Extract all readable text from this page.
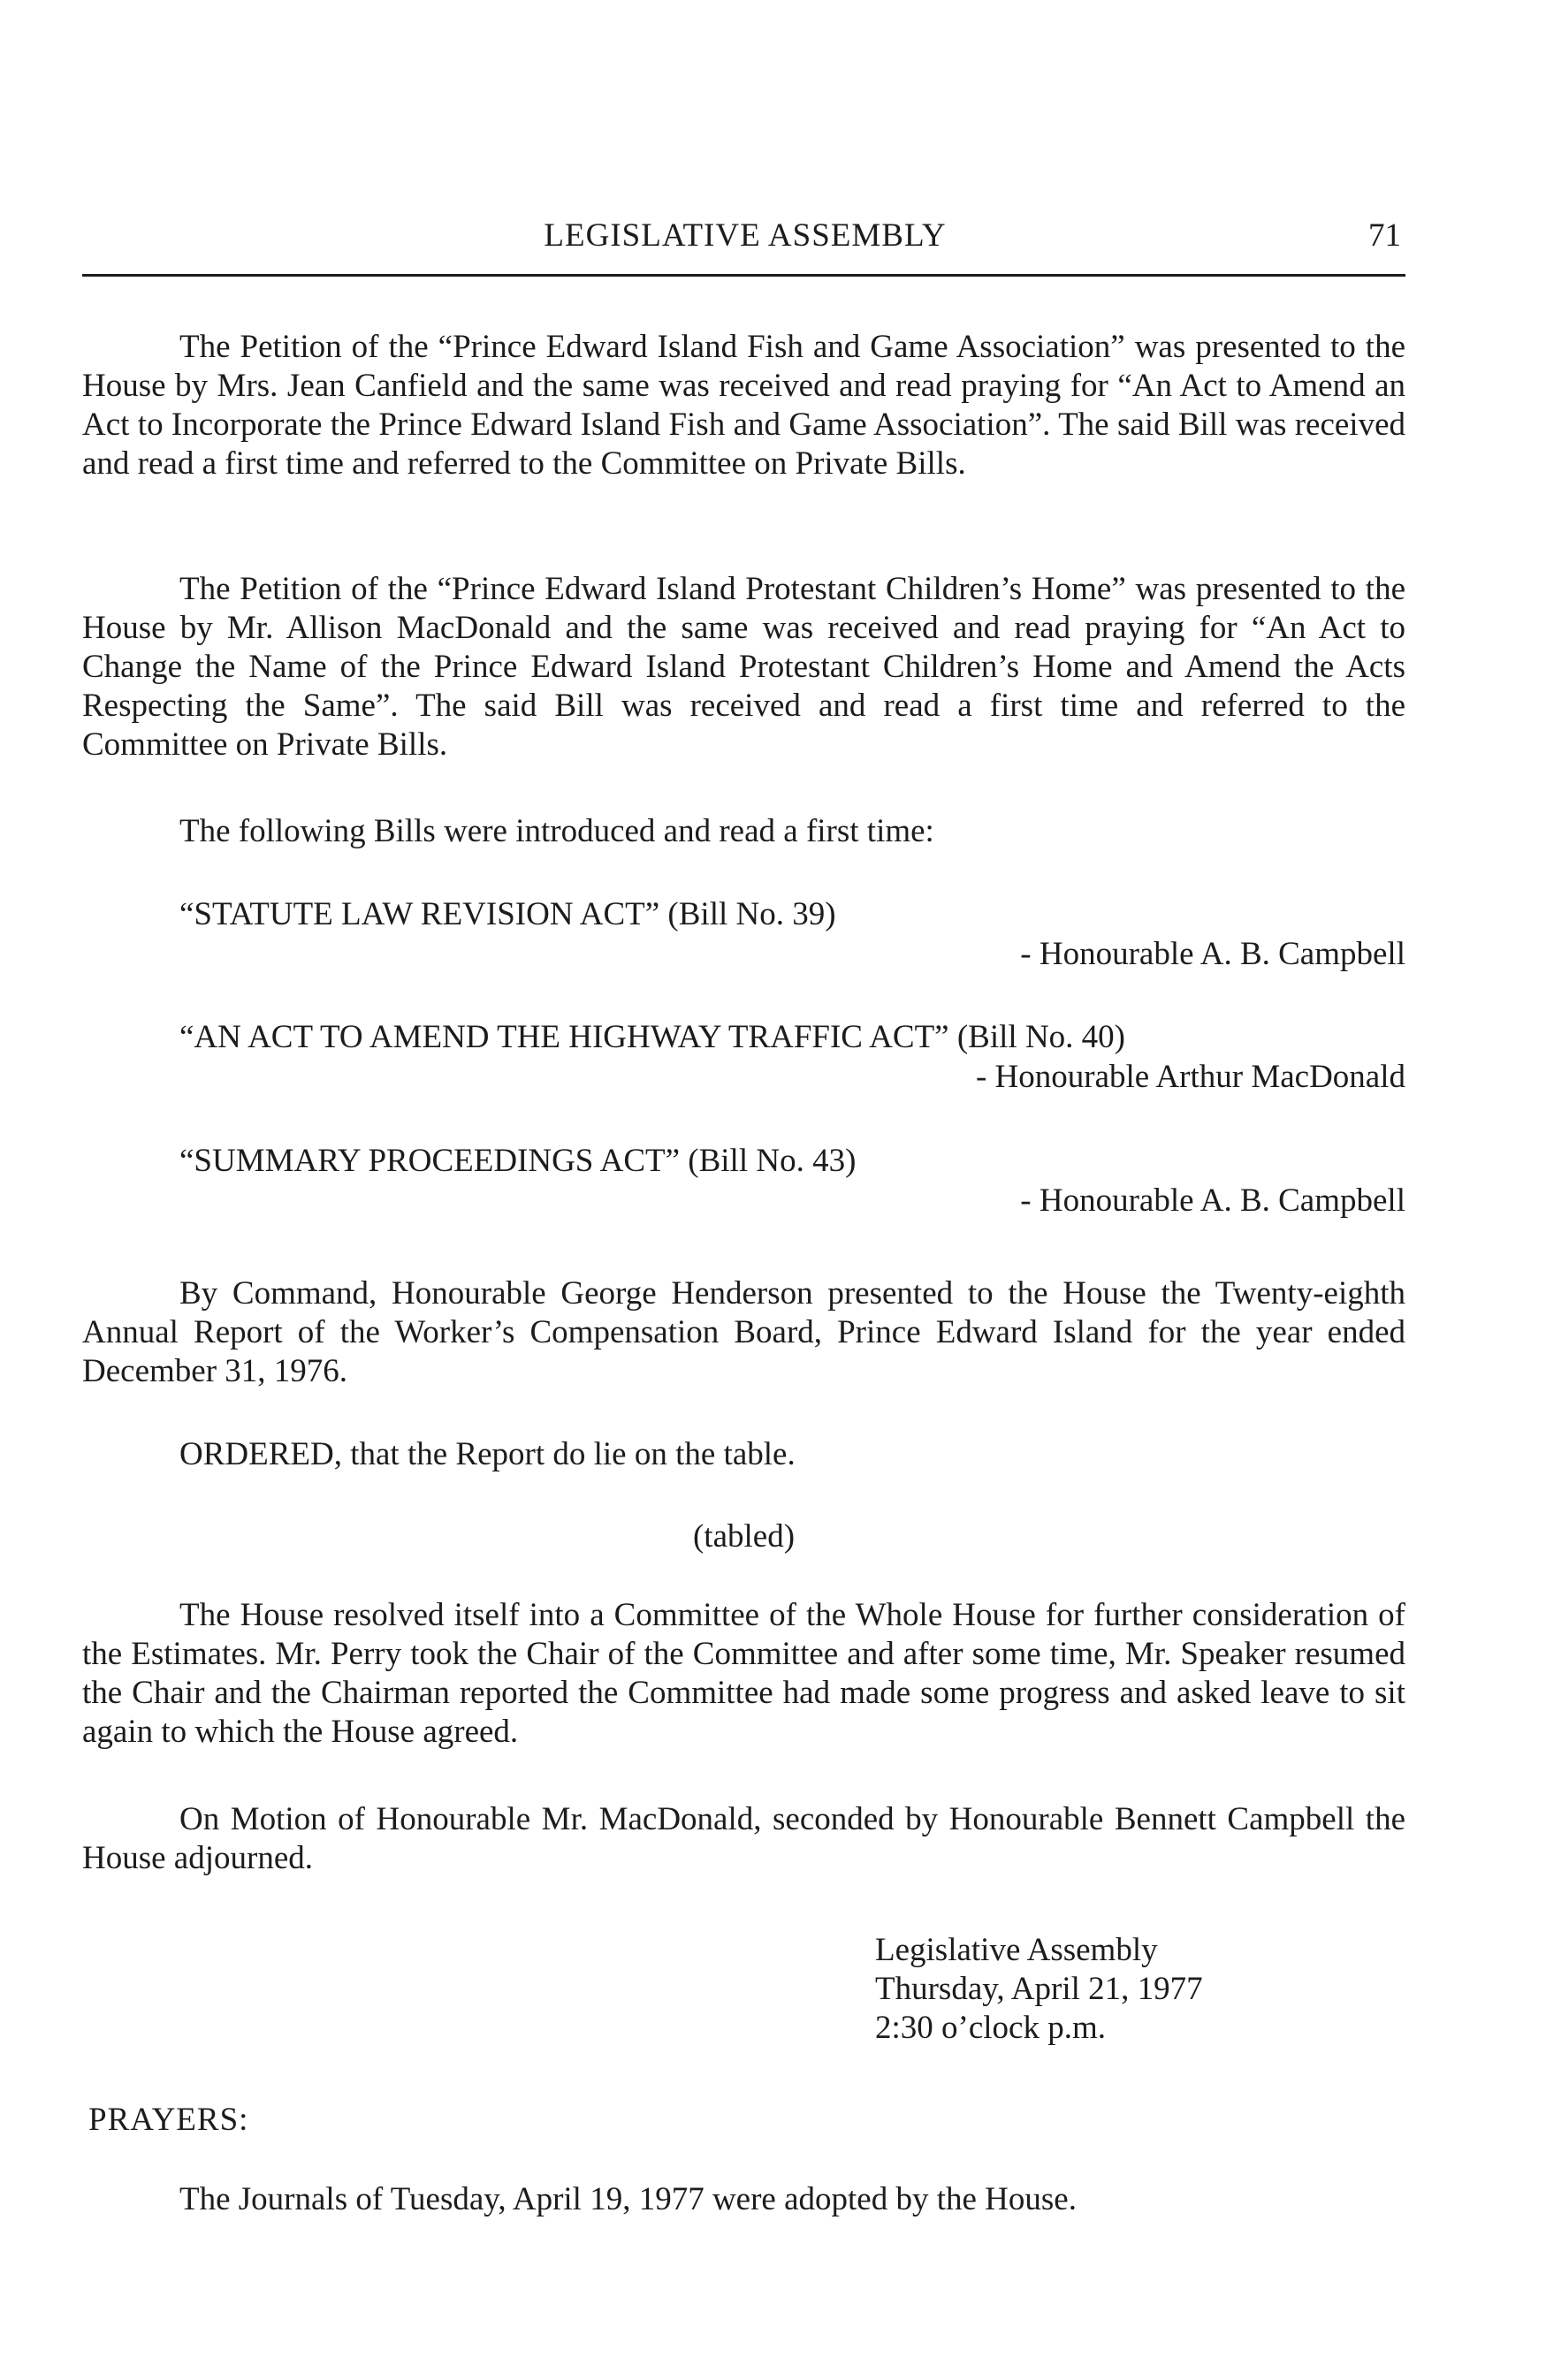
LEGISLATIVE ASSEMBLY	71

The Petition of the “Prince Edward Island Fish and Game Association” was presented to the House by Mrs. Jean Canfield and the same was received and read praying for “An Act to Amend an Act to Incorporate the Prince Edward Island Fish and Game Association”. The said Bill was received and read a first time and referred to the Committee on Private Bills.

The Petition of the “Prince Edward Island Protestant Children’s Home” was presented to the House by Mr. Allison MacDonald and the same was received and read praying for “An Act to Change the Name of the Prince Edward Island Protestant Children’s Home and Amend the Acts Respecting the Same”. The said Bill was received and read a first time and referred to the Committee on Private Bills.

The following Bills were introduced and read a first time:

“STATUTE LAW REVISION ACT” (Bill No. 39)

- Honourable A. B. Campbell

“AN ACT TO AMEND THE HIGHWAY TRAFFIC ACT” (Bill No. 40)

- Honourable Arthur MacDonald

“SUMMARY PROCEEDINGS ACT” (Bill No. 43)

- Honourable A. B. Campbell

By Command, Honourable George Henderson presented to the House the Twenty-eighth Annual Report of the Worker’s Compensation Board, Prince Edward Island for the year ended December 31, 1976.

ORDERED, that the Report do lie on the table.

(tabled)

The House resolved itself into a Committee of the Whole House for further consideration of the Estimates. Mr. Perry took the Chair of the Committee and after some time, Mr. Speaker resumed the Chair and the Chairman reported the Committee had made some progress and asked leave to sit again to which the House agreed.

On Motion of Honourable Mr. MacDonald, seconded by Honourable Bennett Campbell the House adjourned.

Legislative Assembly
Thursday, April 21, 1977
2:30 o’clock p.m.

PRAYERS:

The Journals of Tuesday, April 19, 1977 were adopted by the House.
